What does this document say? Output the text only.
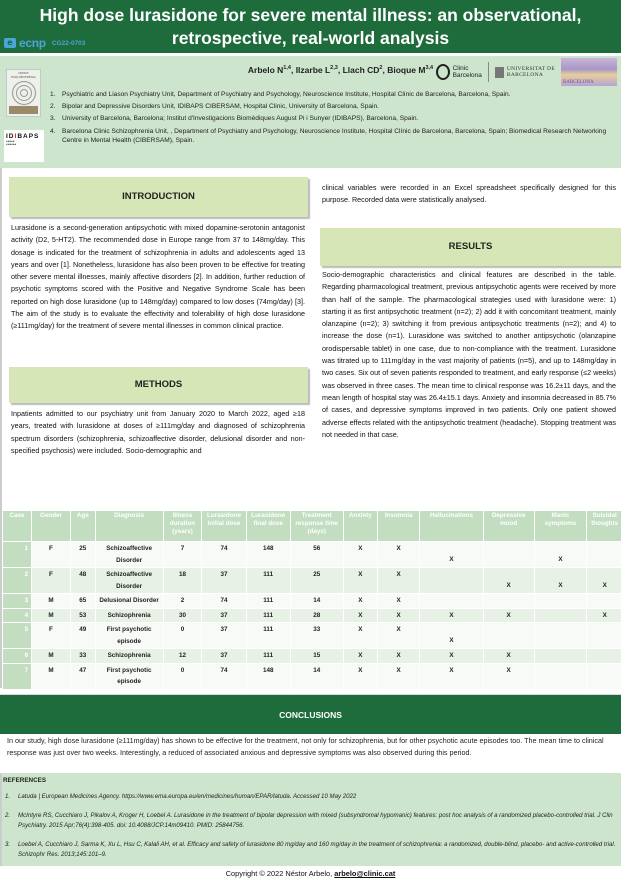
High dose lurasidone for severe mental illness: an observational,
retrospective, real-world analysis
e ecnp CG22-0703
Arbelo N$^{1,4}$, Ilzarbe L$^{2,3}$, Llach $CD^2$, Bioque M$^{3,4}$	Clinic
Barcelona
UNIVERSITAT DE
BARCELONA
BARCELONA
UNITAT ESQUIZOFRÈNIA
IDIBAPS
▪▪▪▪▪
▪▪▪▪▪▪
1. Psychiatric and Liason Psychiatry Unit, Department of Psychiatry and Psychology, Neuroscience Institute, Hospital Clínic de Barcelona, Barcelona, Spain.
2. Bipolar and Depressive Disorders Unit, IDIBAPS CIBERSAM, Hospital Clinic, University of Barcelona, Spain.
3. University of Barcelona, Barcelona; Institut d'Investigacions Biomèdiques August Pi i Sunyer (IDIBAPS), Barcelona, Spain.
4. Barcelona Clinic Schizophrenia Unit, , Department of Psychiatry and Psychology, Neuroscience Institute, Hospital Clínic de Barcelona, Barcelona, Spain; Biomedical Research Networking Centre in Mental Health (CIBERSAM), Spain.
INTRODUCTION
Lurasidone is a second-generation antipsychotic with mixed dopamine-serotonin antagonist activity (D2, 5-HT2). The recommended dose in Europe range from 37 to 148mg/day. This dosage is indicated for the treatment of schizophrenia in adults and adolescents aged 13 years and over [1]. Nonetheless, lurasidone has also been proven to be effective for treating other severe mental illnesses, mainly affective disorders [2]. In addition, further reduction of psychotic symptoms scored with the Positive and Negative Syndrome Scale has been reported on high dose lurasidone (up to 148mg/day) compared to low doses (74mg/day) [3]. The aim of the study is to evaluate the effectivity and tolerability of high dose lurasidone (≥111mg/day) for the treatment of severe mental illnesses in common clinical practice.
METHODS
Inpatients admitted to our psychiatry unit from January 2020 to March 2022, aged ≥18 years, treated with lurasidone at doses of ≥111mg/day and diagnosed of schizophrenia spectrum disorders (schizophrenia, schizoaffective disorder, delusional disorder and non-specified psychosis) were included. Socio-demographic and
clinical variables were recorded in an Excel spreadsheet specifically designed for this purpose. Recorded data were statistically analysed.
RESULTS
Socio-demographic characteristics and clinical features are described in the table. Regarding pharmacological treatment, previous antipsychotic agents were received by more than half of the sample. The pharmacological strategies used with lurasidone were: 1) starting it as first antipsychotic treatment (n=2); 2) add it with concomitant treatment, mainly olanzapine (n=2); 3) switching it from previous antipsychotic treatments (n=2); and 4) to increase the dose (n=1). Lurasidone was switched to another antipsychotic (olanzapine orodispersable tablet) in one case, due to non-compliance with the treatment. Lurasidone was titrated up to 111mg/day in the vast majority of patients (n=5), and up to 148mg/day in two cases. Six out of seven patients responded to treatment, and early response (≤2 weeks) was observed in three cases. The mean time to clinical response was 16.2±11 days, and the mean length of hospital stay was 26.4±15.1 days. Anxiety and insomnia decreased in 85.7% of cases, and depressive symptoms improved in two patients. Only one patient showed adverse effects related with the antipsychotic treatment (headache). Stopping treatment was not needed in that case.
Case	Gender	Age	Diagnosis	Illness duration (years)	Lurasidone initial dose	Lurasidone final dose	Treatment response time (days)	Anxiety	Insomnia	Hallucinations	Depressive mood	Manic symptoms	Suicidal thoughts
1	F	25	Schizoaffective Disorder	7	74	148	56	X	X	X		X	

2	F	48	Schizoaffective Disorder	18	37	111	25	X	X		X	X	X

3	M	65	Delusional Disorder	2	74	111	14	X	X				
4	M	53	Schizophrenia	30	37	111	28	X	X	X	X		X
5	F	49	First psychotic episode	0	37	111	33	X	X	X			

6	M	33	Schizophrenia	12	37	111	15	X	X	X	X		
7	M	47	First psychotic episode	0	74	148	14	X	X	X	X		
CONCLUSIONS
In our study, high dose lurasidone (≥111mg/day) has shown to be effective for the treatment, not only for schizophrenia, but for other psychotic acute episodes too. The mean time to clinical response was just over two weeks. Interestingly, a reduced of associated anxious and depressive symptoms was also observed during this period.
REFERENCES
1.	Latuda | European Medicines Agency. https://www.ema.europa.eu/en/medicines/human/EPAR/latuda. Accessed 10 May 2022
2.	McIntyre RS, Cucchiaro J, Pikalov A, Kroger H, Loebel A. Lurasidone in the treatment of bipolar depression with mixed (subsyndromal hypomanic) features: post hoc analysis of a randomized placebo-controlled trial. J Clin Psychiatry. 2015 Apr;76(4):398-405. doi: 10.4088/JCP.14m09410. PMID: 25844756.
3.	Loebel A, Cucchiaro J, Sarma K, Xu L, Hsu C, Kalali AH, et al. Efficacy and safety of lurasidone 80 mg/day and 160 mg/day in the treatment of schizophrenia: a randomized, double-blind, placebo- and active-controlled trial. Schizophr Res. 2013;145:101–9.
Copyright © 2022 Néstor Arbelo, arbelo@clinic.cat
